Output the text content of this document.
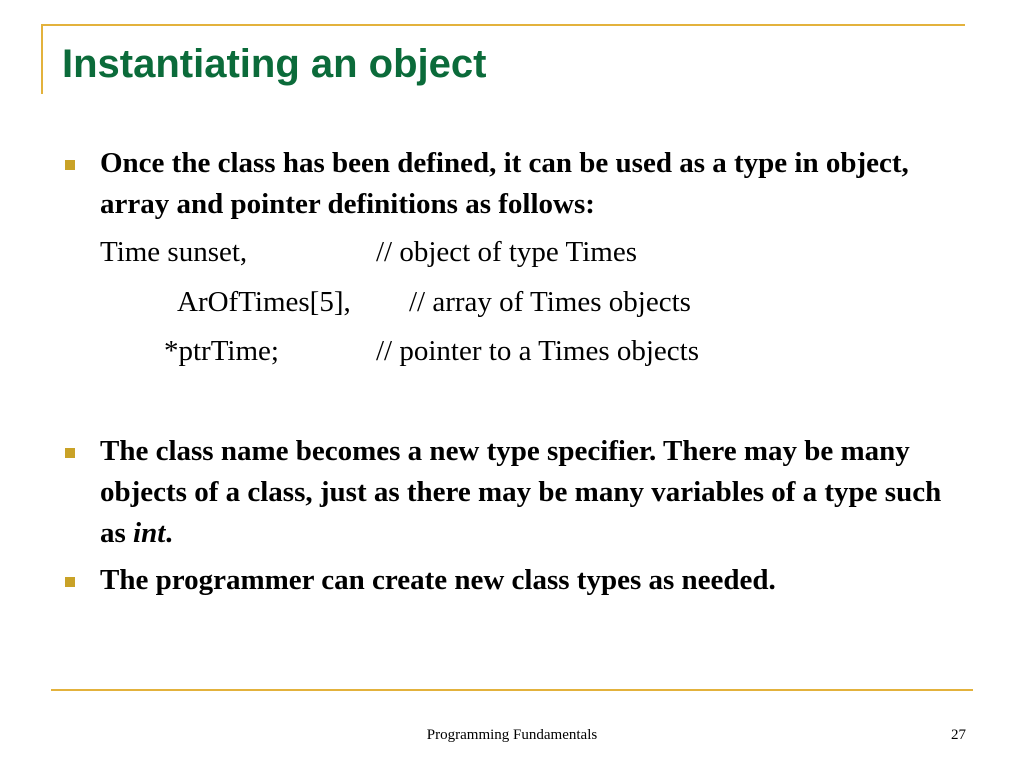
Instantiating an object
Once the class has been defined, it can be used as a type in object, array and pointer definitions as follows:
Time sunset,	// object of type Times
ArOfTimes[5], // array of Times objects
*ptrTime;	// pointer to a Times objects
The class name becomes a new type specifier. There may be many objects of a class, just as there may be many variables of a type such as int.
The programmer can create new class types as needed.
Programming Fundamentals	27
